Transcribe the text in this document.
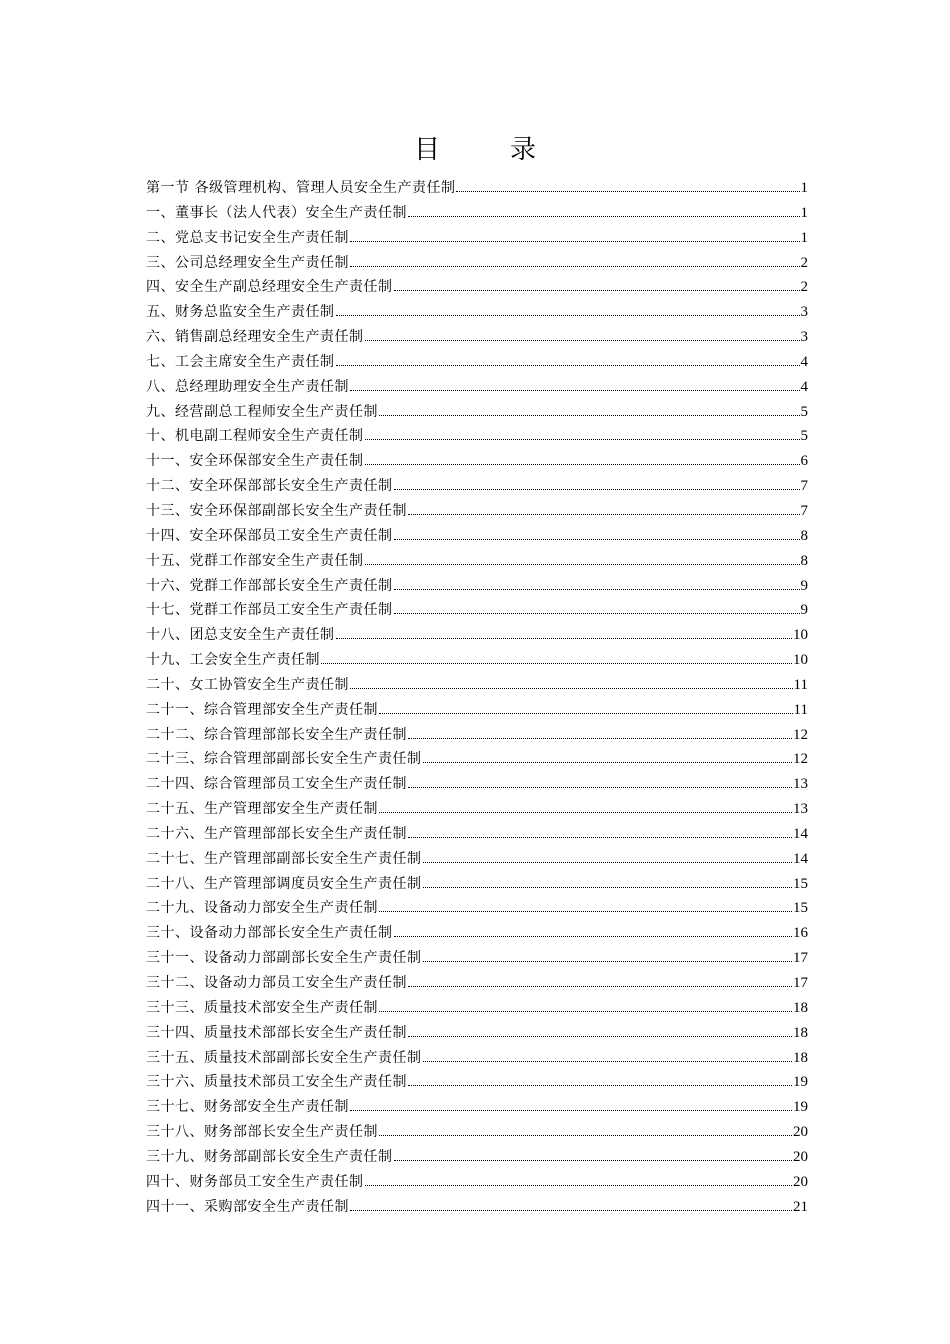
目　录
第一节 各级管理机构、管理人员安全生产责任制	1
一、董事长（法人代表）安全生产责任制	1
二、党总支书记安全生产责任制	1
三、公司总经理安全生产责任制	2
四、安全生产副总经理安全生产责任制	2
五、财务总监安全生产责任制	3
六、销售副总经理安全生产责任制	3
七、工会主席安全生产责任制	4
八、总经理助理安全生产责任制	4
九、经营副总工程师安全生产责任制	5
十、机电副工程师安全生产责任制	5
十一、安全环保部安全生产责任制	6
十二、安全环保部部长安全生产责任制	7
十三、安全环保部副部长安全生产责任制	7
十四、安全环保部员工安全生产责任制	8
十五、党群工作部安全生产责任制	8
十六、党群工作部部长安全生产责任制	9
十七、党群工作部员工安全生产责任制	9
十八、团总支安全生产责任制	10
十九、工会安全生产责任制	10
二十、女工协管安全生产责任制	11
二十一、综合管理部安全生产责任制	11
二十二、综合管理部部长安全生产责任制	12
二十三、综合管理部副部长安全生产责任制	12
二十四、综合管理部员工安全生产责任制	13
二十五、生产管理部安全生产责任制	13
二十六、生产管理部部长安全生产责任制	14
二十七、生产管理部副部长安全生产责任制	14
二十八、生产管理部调度员安全生产责任制	15
二十九、设备动力部安全生产责任制	15
三十、设备动力部部长安全生产责任制	16
三十一、设备动力部副部长安全生产责任制	17
三十二、设备动力部员工安全生产责任制	17
三十三、质量技术部安全生产责任制	18
三十四、质量技术部部长安全生产责任制	18
三十五、质量技术部副部长安全生产责任制	18
三十六、质量技术部员工安全生产责任制	19
三十七、财务部安全生产责任制	19
三十八、财务部部长安全生产责任制	20
三十九、财务部副部长安全生产责任制	20
四十、财务部员工安全生产责任制	20
四十一、采购部安全生产责任制	21
